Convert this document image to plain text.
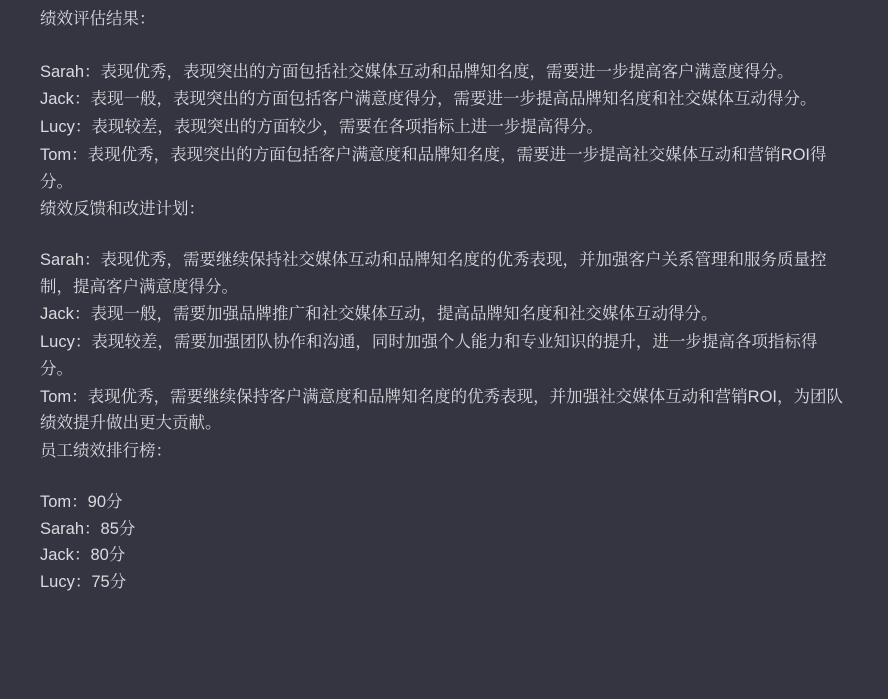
绩效评估结果：

Sarah：表现优秀，表现突出的方面包括社交媒体互动和品牌知名度，需要进一步提高客户满意度得分。

Jack：表现一般，表现突出的方面包括客户满意度得分，需要进一步提高品牌知名度和社交媒体互动得分。

Lucy：表现较差，表现突出的方面较少，需要在各项指标上进一步提高得分。

Tom：表现优秀，表现突出的方面包括客户满意度和品牌知名度，需要进一步提高社交媒体互动和营销ROI得分。

绩效反馈和改进计划：

Sarah：表现优秀，需要继续保持社交媒体互动和品牌知名度的优秀表现，并加强客户关系管理和服务质量控制，提高客户满意度得分。

Jack：表现一般，需要加强品牌推广和社交媒体互动，提高品牌知名度和社交媒体互动得分。

Lucy：表现较差，需要加强团队协作和沟通，同时加强个人能力和专业知识的提升，进一步提高各项指标得分。

Tom：表现优秀，需要继续保持客户满意度和品牌知名度的优秀表现，并加强社交媒体互动和营销ROI，为团队绩效提升做出更大贡献。

员工绩效排行榜：

Tom：90分
Sarah：85分
Jack：80分
Lucy：75分
